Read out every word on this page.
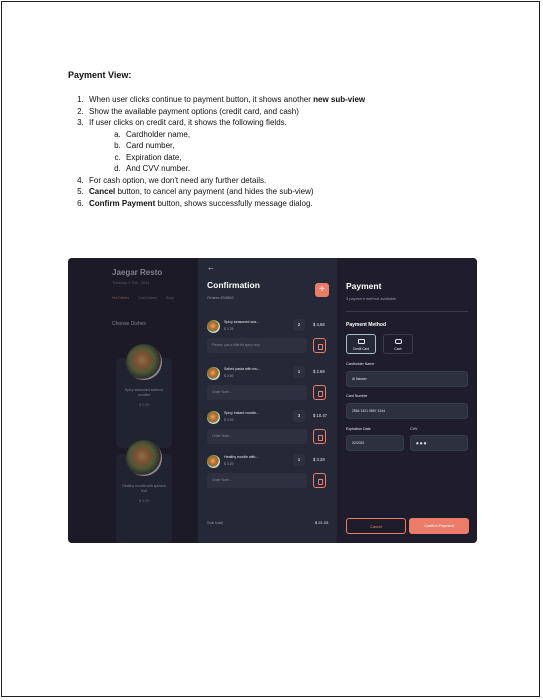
Payment View:
1. When user clicks continue to payment button, it shows another new sub-view
2. Show the available payment options (credit card, and cash)
3. If user clicks on credit card, it shows the following fields.
a. Cardholder name,
b. Card number,
c. Expiration date,
d. And CVV number.
4. For cash option, we don't need any further details.
5. Cancel button, to cancel any payment (and hides the sub-view)
6. Confirm Payment button, shows successfully message dialog.
Jaegar Resto
Tuesday 2 Feb, 2021
Hot Dishes	Cold Dishes	Soup
Choose Dishes
Spicy seasoned seafood noodles
$ 2.29
Healthy noodle with spinach leaf
$ 3.29
←
Confirmation
Orders #34562
+
Spicy seasoned sea...
$ 2.29
2	$ 4,58
Please, just a little bit spicy only.
Salted pasta with mu...
$ 2.69
1	$ 2.69
Order Note...
Spicy instant noodle...
$ 3.49
3	$ 10.47
Order Note...
Healthy noodle with...
$ 3.29
1	$ 3.29
Order Note...
Sub total	$ 21.03
Payment
3 payment method available
Payment Method
Credit Card	Cash
Cardholder Name
Al Nasser
Card Number
2564 1421 0897 1244
Expiration Date
02/2022
CVV
•••
Cancel	Confirm Payment
